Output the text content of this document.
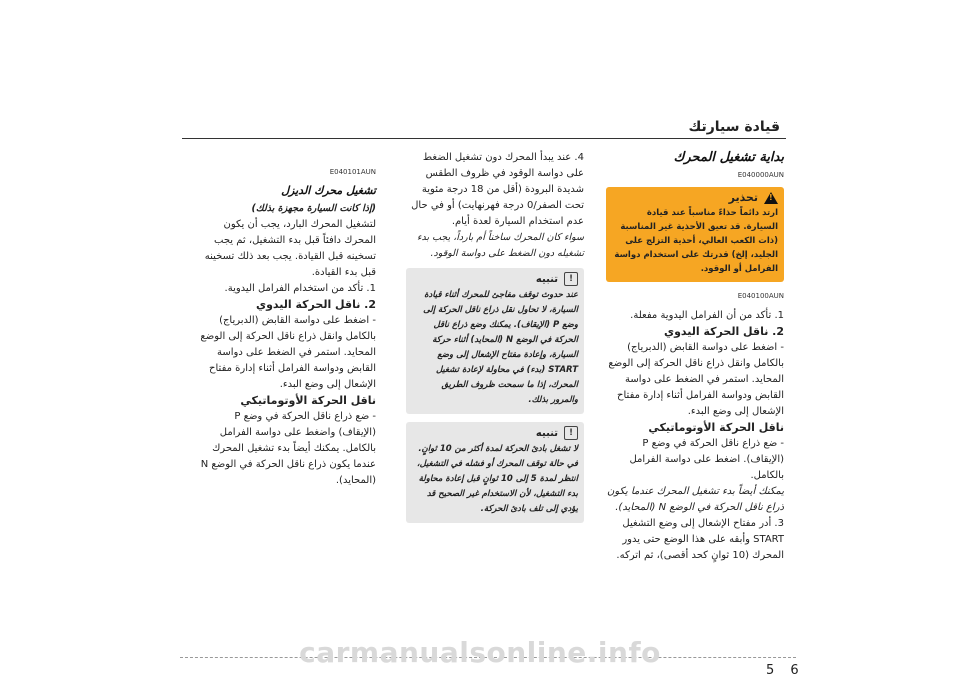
قيادة سيارتك
بداية تشغيل المحرك
E040000AUN
!
تحذير
ارتد دائماً حذاءً مناسباً عند قيادة السيارة. قد تعيق الأحذية غير المناسبة (ذات الكعب العالي، أحذية التزلج على الجليد، إلخ) قدرتك على استخدام دواسة الفرامل أو الوقود.
E040100AUN

1. تأكد من أن الفرامل اليدوية مفعلة.

2. ناقل الحركة اليدوي

- اضغط على دواسة القابض (الدبرياج) بالكامل وانقل ذراع ناقل الحركة إلى الوضع المحايد. استمر في الضغط على دواسة القابض ودواسة الفرامل أثناء إدارة مفتاح الإشعال إلى وضع البدء.

ناقل الحركة الأوتوماتيكي

- ضع ذراع ناقل الحركة في وضع P (الإيقاف). اضغط على دواسة الفرامل بالكامل.

يمكنك أيضاً بدء تشغيل المحرك عندما يكون ذراع ناقل الحركة في الوضع N (المحايد).

3. أدر مفتاح الإشعال إلى وضع التشغيل START وأبقه على هذا الوضع حتى يدور المحرك (10 ثوانٍ كحد أقصى)، ثم اتركه.

4. عند يبدأ المحرك دون تشغيل الضغط على دواسة الوقود في ظروف الطقس شديدة البرودة (أقل من 18 درجة مئوية تحت الصفر/0 درجة فهرنهايت) أو في حال عدم استخدام السيارة لعدة أيام.

سواء كان المحرك ساخناً أم بارداً، يجب بدء تشغيله دون الضغط على دواسة الوقود.

!
تنبيه
عند حدوث توقف مفاجئ للمحرك أثناء قيادة السيارة، لا تحاول نقل ذراع ناقل الحركة إلى وضع P (الإيقاف). يمكنك وضع ذراع ناقل الحركة في الوضع N (المحايد) أثناء حركة السيارة، وإعادة مفتاح الإشعال إلى وضع START (بدء) في محاولة لإعادة تشغيل المحرك، إذا ما سمحت ظروف الطريق والمرور بذلك.
!
تنبيه
لا تشغل بادئ الحركة لمدة أكثر من 10 ثوانٍ. في حالة توقف المحرك أو فشله في التشغيل، انتظر لمدة 5 إلى 10 ثوانٍ قبل إعادة محاولة بدء التشغيل، لأن الاستخدام غير الصحيح قد يؤدي إلى تلف بادئ الحركة.
E040101AUN
تشغيل محرك الديزل
(إذا كانت السيارة مجهزة بذلك)

لتشغيل المحرك البارد، يجب أن يكون المحرك دافئاً قبل بدء التشغيل، ثم يجب تسخينه قبل القيادة. يجب بعد ذلك تسخينه قبل بدء القيادة.

1. تأكد من استخدام الفرامل اليدوية.

2. ناقل الحركة اليدوي

- اضغط على دواسة القابض (الدبرياج) بالكامل وانقل ذراع ناقل الحركة إلى الوضع المحايد. استمر في الضغط على دواسة القابض ودواسة الفرامل أثناء إدارة مفتاح الإشعال إلى وضع البدء.

ناقل الحركة الأوتوماتيكي

- ضع ذراع ناقل الحركة في وضع P (الإيقاف) واضغط على دواسة الفرامل بالكامل. يمكنك أيضاً بدء تشغيل المحرك عندما يكون ذراع ناقل الحركة في الوضع N (المحايد).

6 5
carmanualsonline.info
